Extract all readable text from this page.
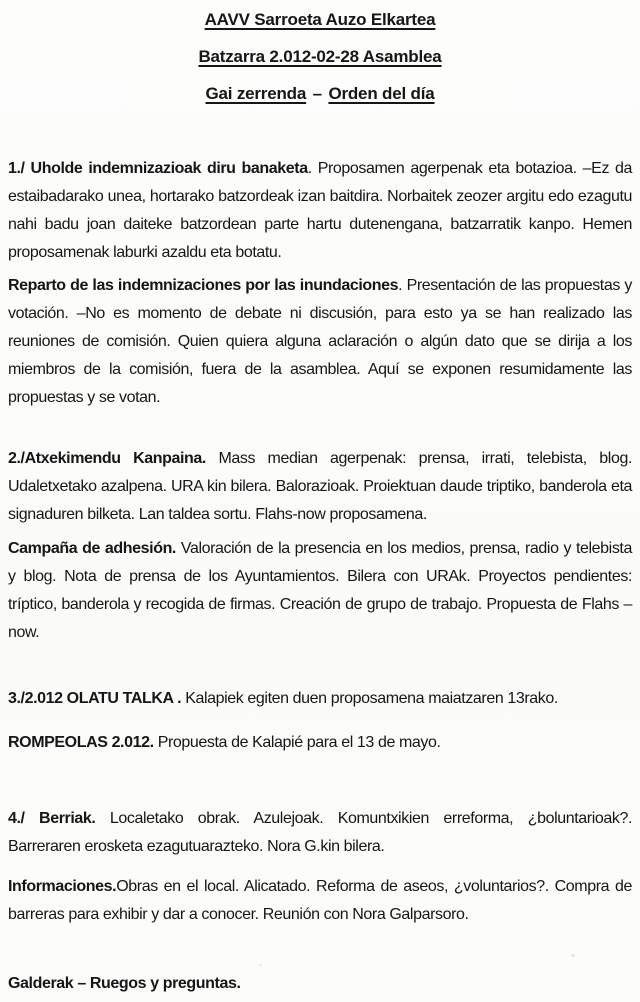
AAVV Sarroeta Auzo Elkartea
Batzarra 2.012-02-28 Asamblea
Gai zerrenda – Orden del día

1./ Uholde indemnizazioak diru banaketa. Proposamen agerpenak eta botazioa. –Ez da estaibadarako unea, hortarako batzordeak izan baitdira. Norbaitek zeozer argitu edo ezagutu nahi badu joan daiteke batzordean parte hartu dutenengana, batzarratik kanpo. Hemen proposamenak laburki azaldu eta botatu.

Reparto de las indemnizaciones por las inundaciones. Presentación de las propuestas y votación. –No es momento de debate ni discusión, para esto ya se han realizado las reuniones de comisión. Quien quiera alguna aclaración o algún dato que se dirija a los miembros de la comisión, fuera de la asamblea. Aquí se exponen resumidamente las propuestas y se votan.

2./Atxekimendu Kanpaina. Mass median agerpenak: prensa, irrati, telebista, blog. Udaletxetako azalpena. URA kin bilera. Balorazioak. Proiektuan daude triptiko, banderola eta signaduren bilketa. Lan taldea sortu. Flahs-now proposamena.

Campaña de adhesión. Valoración de la presencia en los medios, prensa, radio y telebista y blog. Nota de prensa de los Ayuntamientos. Bilera con URAk. Proyectos pendientes: tríptico, banderola y recogida de firmas. Creación de grupo de trabajo. Propuesta de Flahs – now.

3./2.012 OLATU TALKA . Kalapiek egiten duen proposamena maiatzaren 13rako.

ROMPEOLAS 2.012. Propuesta de Kalapié para el 13 de mayo.

4./ Berriak. Localetako obrak. Azulejoak. Komuntxikien erreforma, ¿boluntarioak?. Barreraren erosketa ezagutuarazteko. Nora G.kin bilera.

Informaciones.Obras en el local. Alicatado. Reforma de aseos, ¿voluntarios?. Compra de barreras para exhibir y dar a conocer. Reunión con Nora Galparsoro.

Galderak – Ruegos y preguntas.
